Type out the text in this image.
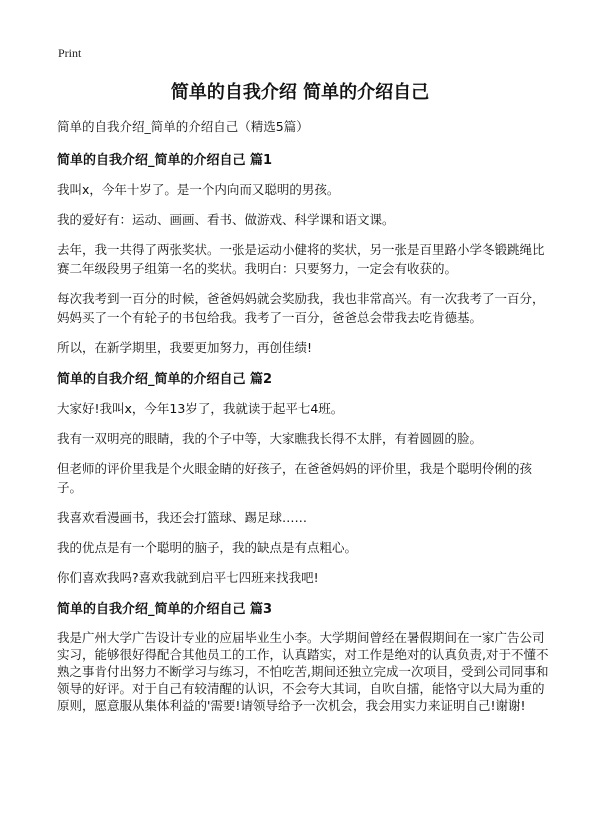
Print
简单的自我介绍 简单的介绍自己

简单的自我介绍_简单的介绍自己（精选5篇）

简单的自我介绍_简单的介绍自己 篇1

我叫x，今年十岁了。是一个内向而又聪明的男孩。

我的爱好有：运动、画画、看书、做游戏、科学课和语文课。

去年，我一共得了两张奖状。一张是运动小健将的奖状，另一张是百里路小学冬锻跳绳比赛二年级段男子组第一名的奖状。我明白：只要努力，一定会有收获的。

每次我考到一百分的时候，爸爸妈妈就会奖励我，我也非常高兴。有一次我考了一百分，妈妈买了一个有轮子的书包给我。我考了一百分，爸爸总会带我去吃肯德基。

所以，在新学期里，我要更加努力，再创佳绩!

简单的自我介绍_简单的介绍自己 篇2

大家好!我叫x，今年13岁了，我就读于起平七4班。

我有一双明亮的眼睛，我的个子中等，大家瞧我长得不太胖，有着圆圆的脸。

但老师的评价里我是个火眼金睛的好孩子，在爸爸妈妈的评价里，我是个聪明伶俐的孩子。

我喜欢看漫画书，我还会打篮球、踢足球……

我的优点是有一个聪明的脑子，我的缺点是有点粗心。

你们喜欢我吗?喜欢我就到启平七四班来找我吧!

简单的自我介绍_简单的介绍自己 篇3

我是广州大学广告设计专业的应届毕业生小李。大学期间曾经在暑假期间在一家广告公司实习，能够很好得配合其他员工的工作，认真踏实，对工作是绝对的认真负责,对于不懂不熟之事肯付出努力不断学习与练习，不怕吃苦,期间还独立完成一次项目，受到公司同事和领导的好评。对于自己有较清醒的认识，不会夸大其词，自吹自擂，能恪守以大局为重的原则，愿意服从集体利益的'需要!请领导给予一次机会，我会用实力来证明自己!谢谢!
